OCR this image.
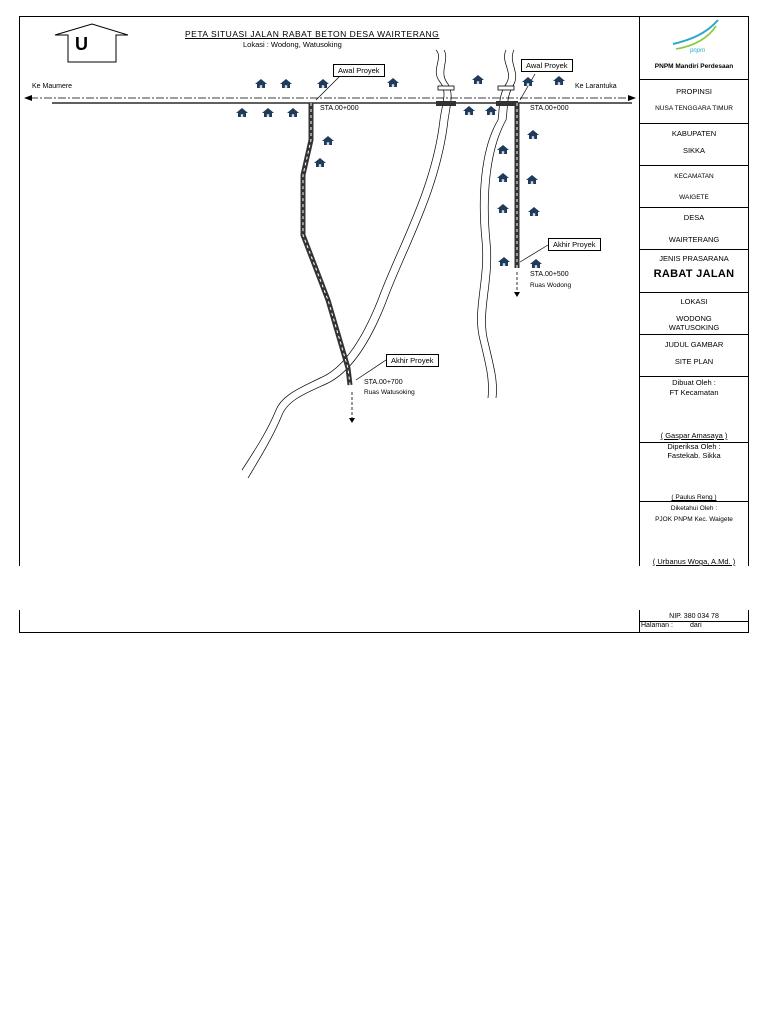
U	PETA SITUASI JALAN RABAT BETON DESA WAIRTERANG
Lokasi : Wodong, Watusoking
Ke Maumere	Ke Larantuka
Awal Proyek
Awal Proyek
Akhir Proyek
Akhir Proyek
STA.00+000	STA.00+000
STA.00+700
Ruas Watusoking
STA.00+500
Ruas Wodong
pnpm
PNPM Mandiri Perdesaan
PROPINSI
NUSA TENGGARA TIMUR
KABUPATEN
SIKKA
KECAMATAN
WAIGETE
DESA
WAIRTERANG
JENIS PRASARANA
RABAT JALAN
LOKASI
WODONG
WATUSOKING
JUDUL GAMBAR
SITE PLAN
Dibuat Oleh :
FT Kecamatan
( Gaspar Amasaya )
Diperiksa Oleh :
Fastekab. Sikka
( Paulus Reng )
Diketahui Oleh :
PJOK PNPM Kec. Waigete
( Urbanus Woga, A.Md. )
NIP. 380 034 78
Halaman : dari
